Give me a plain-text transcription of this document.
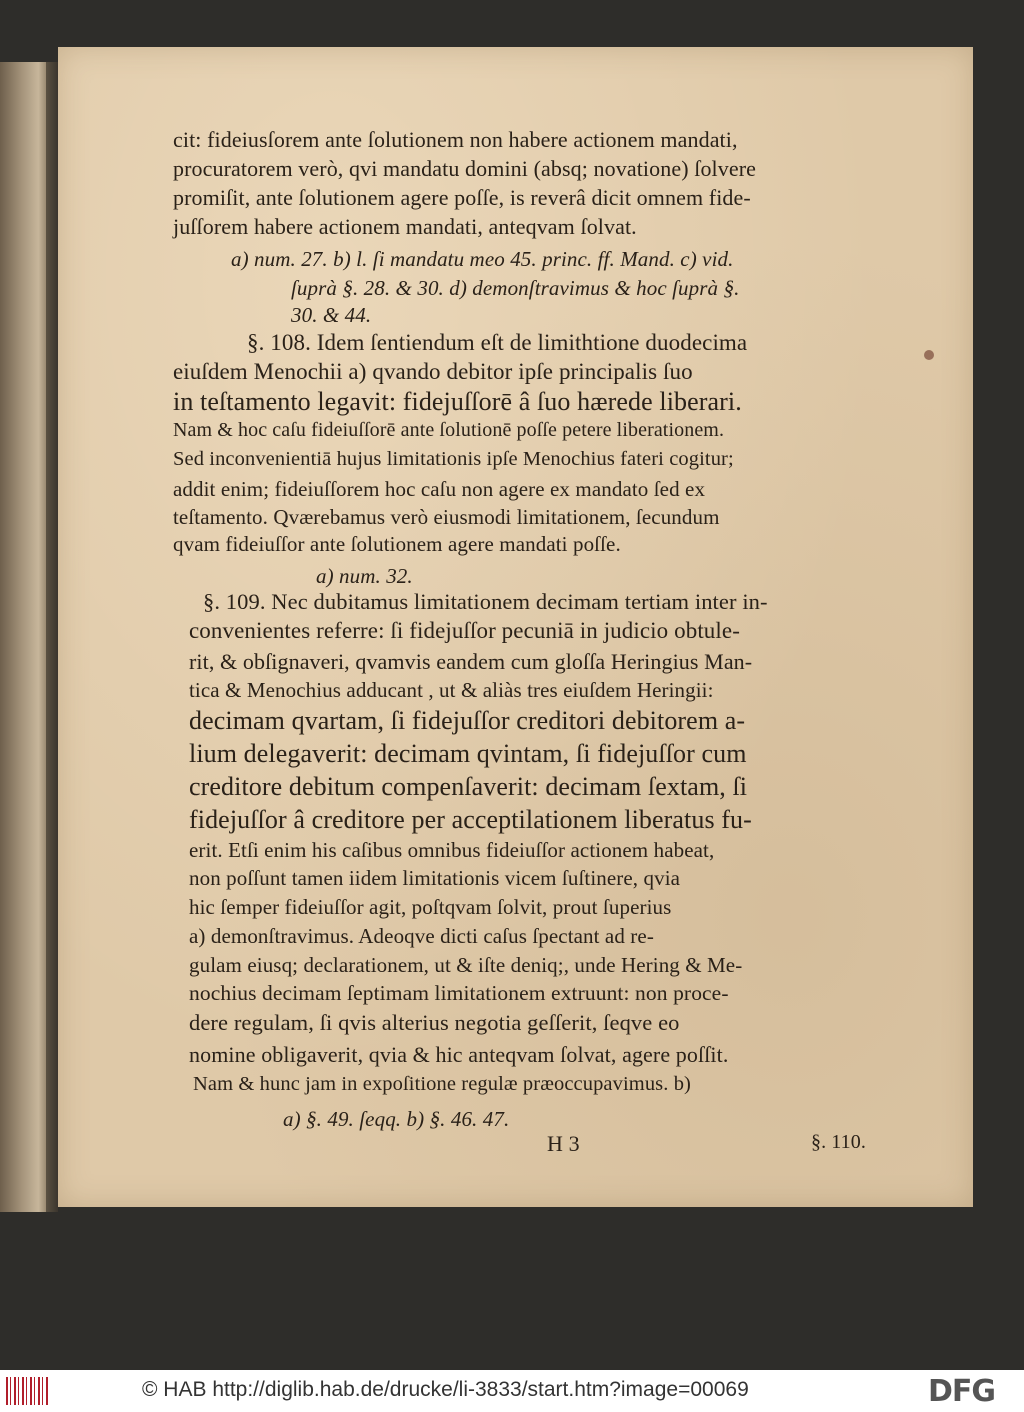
cit: fideiusſorem ante ſolutionem non habere actionem mandati,
procuratorem verò, qvi mandatu domini (absq; novatione) ſolvere
promiſit, ante ſolutionem agere poſſe, is reverâ dicit omnem fide-
juſſorem habere actionem mandati, anteqvam ſolvat.
a) num. 27. b) l. ſi mandatu meo 45. princ. ff. Mand. c) vid.
ſuprà §. 28. & 30. d) demonſtravimus & hoc ſuprà §.
30. & 44.
§. 108. Idem ſentiendum eſt de limithtione duodecima
eiuſdem Menochii a) qvando debitor ipſe principalis ſuo
in teſtamento legavit: fidejuſſorē â ſuo hærede liberari.
Nam & hoc caſu fideiuſſorē ante ſolutionē poſſe petere liberationem.
Sed inconvenientiā hujus limitationis ipſe Menochius fateri cogitur;
addit enim; fideiuſſorem hoc caſu non agere ex mandato ſed ex
teſtamento. Qværebamus verò eiusmodi limitationem, ſecundum
qvam fideiuſſor ante ſolutionem agere mandati poſſe.
a) num. 32.
§. 109. Nec dubitamus limitationem decimam tertiam inter in-
convenientes referre: ſi fidejuſſor pecuniā in judicio obtule-
rit, & obſignaveri, qvamvis eandem cum gloſſa Heringius Man-
tica & Menochius adducant , ut & aliàs tres eiuſdem Heringii:
decimam qvartam, ſi fidejuſſor creditori debitorem a-
lium delegaverit: decimam qvintam, ſi fidejuſſor cum
creditore debitum compenſaverit: decimam ſextam, ſi
fidejuſſor â creditore per acceptilationem liberatus fu-
erit. Etſi enim his caſibus omnibus fideiuſſor actionem habeat,
non poſſunt tamen iidem limitationis vicem ſuſtinere, qvia
hic ſemper fideiuſſor agit, poſtqvam ſolvit, prout ſuperius
a) demonſtravimus. Adeoqve dicti caſus ſpectant ad re-
gulam eiusq; declarationem, ut & iſte deniq;, unde Hering & Me-
nochius decimam ſeptimam limitationem extruunt: non proce-
dere regulam, ſi qvis alterius negotia geſſerit, ſeqve eo
nomine obligaverit, qvia & hic anteqvam ſolvat, agere poſſit.
Nam & hunc jam in expoſitione regulæ præoccupavimus. b)
a) §. 49. ſeqq. b) §. 46. 47.
H 3	§. 110.
© HAB http://diglib.hab.de/drucke/li-3833/start.htm?image=00069	DFG
